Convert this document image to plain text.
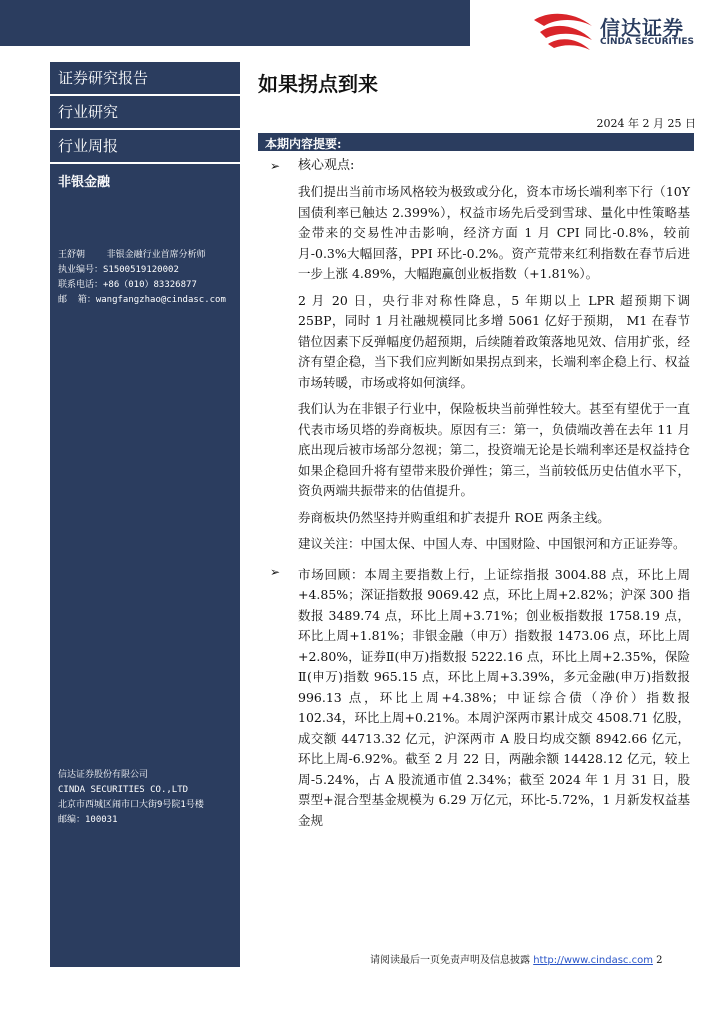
信达证券
CINDA SECURITIES
证券研究报告
行业研究
行业周报
非银金融
王舒朝    非银金融行业首席分析师
执业编号：S1500519120002
联系电话：+86（010）83326877
邮  箱：wangfangzhao@cindasc.com
信达证券股份有限公司
CINDA SECURITIES CO.,LTD
北京市西城区闹市口大街9号院1号楼
邮编：100031
如果拐点到来
2024 年 2 月 25 日
本期内容提要:
➢ 核心观点:
我们提出当前市场风格较为极致或分化，资本市场长端利率下行（10Y 国债利率已触达 2.399%），权益市场先后受到雪球、量化中性策略基金带来的交易性冲击影响，经济方面 1 月 CPI 同比-0.8%，较前月-0.3%大幅回落，PPI 环比-0.2%。资产荒带来红利指数在春节后进一步上涨 4.89%，大幅跑赢创业板指数（+1.81%）。
2 月 20 日，央行非对称性降息，5 年期以上 LPR 超预期下调 25BP，同时 1 月社融规模同比多增 5061 亿好于预期， M1 在春节错位因素下反弹幅度仍超预期，后续随着政策落地见效、信用扩张，经济有望企稳，当下我们应判断如果拐点到来，长端利率企稳上行、权益市场转暖，市场或将如何演绎。
我们认为在非银子行业中，保险板块当前弹性较大。甚至有望优于一直代表市场贝塔的券商板块。原因有三：第一，负债端改善在去年 11 月底出现后被市场部分忽视；第二，投资端无论是长端利率还是权益持仓如果企稳回升将有望带来股价弹性；第三，当前较低历史估值水平下，资负两端共振带来的估值提升。
券商板块仍然坚持并购重组和扩表提升 ROE 两条主线。
建议关注：中国太保、中国人寿、中国财险、中国银河和方正证券等。
➢ 市场回顾：本周主要指数上行，上证综指报 3004.88 点，环比上周+4.85%；深证指数报 9069.42 点，环比上周+2.82%；沪深 300 指数报 3489.74 点，环比上周+3.71%；创业板指数报 1758.19 点，环比上周+1.81%；非银金融（申万）指数报 1473.06 点，环比上周+2.80%，证券Ⅱ(申万)指数报 5222.16 点，环比上周+2.35%，保险Ⅱ(申万)指数 965.15 点，环比上周+3.39%，多元金融(申万)指数报 996.13 点，环比上周+4.38%；中证综合债（净价）指数报 102.34，环比上周+0.21%。本周沪深两市累计成交 4508.71 亿股，成交额 44713.32 亿元，沪深两市 A 股日均成交额 8942.66 亿元，环比上周-6.92%。截至 2 月 22 日，两融余额 14428.12 亿元，较上周-5.24%，占 A 股流通市值 2.34%；截至 2024 年 1 月 31 日，股票型+混合型基金规模为 6.29 万亿元，环比-5.72%，1 月新发权益基金规
请阅读最后一页免责声明及信息披露 http://www.cindasc.com 2
